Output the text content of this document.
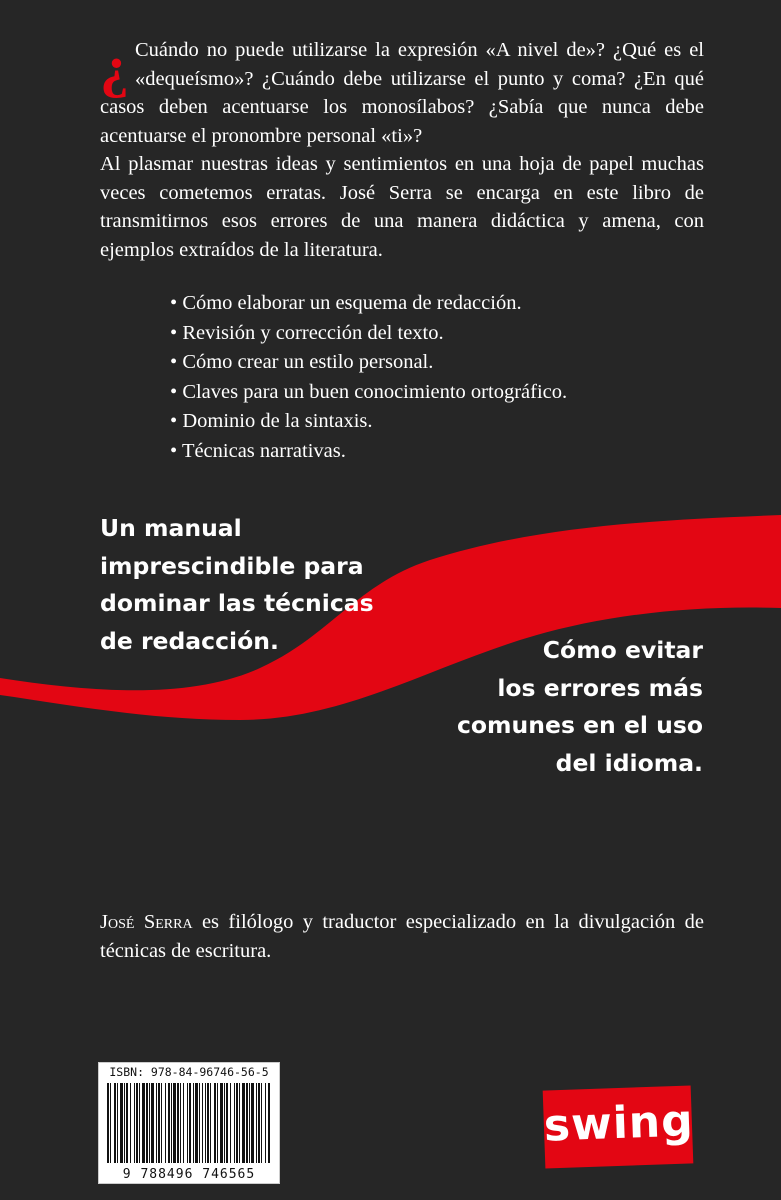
¿ Cuándo no puede utilizarse la expresión «A nivel de»? ¿Qué es el «dequeísmo»? ¿Cuándo debe utilizarse el punto y coma? ¿En qué casos deben acentuarse los monosílabos? ¿Sabía que nunca debe acentuarse el pronombre personal «ti»?

Al plasmar nuestras ideas y sentimientos en una hoja de papel muchas veces cometemos erratas. José Serra se encarga en este libro de transmitirnos esos errores de una manera didáctica y amena, con ejemplos extraídos de la literatura.

• Cómo elaborar un esquema de redacción.
• Revisión y corrección del texto.
• Cómo crear un estilo personal.
• Claves para un buen conocimiento ortográfico.
• Dominio de la sintaxis.
• Técnicas narrativas.
Un manual
imprescindible para
dominar las técnicas
de redacción.	Cómo evitar
los errores más
comunes en el uso
del idioma.
José Serra es filólogo y traductor especializado en la divulgación de técnicas de escritura.
ISBN: 978-84-96746-56-5
9 788496 746565
swing
